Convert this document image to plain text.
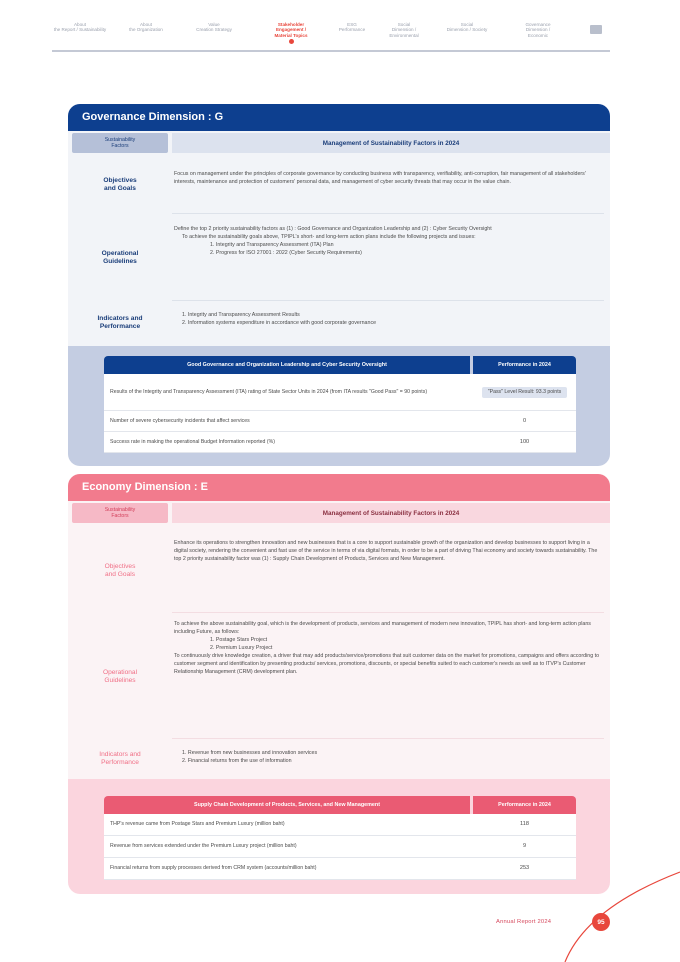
About
the Report / Sustainability
About
the Organization
Value
Creation Strategy
Stakeholder
Engagement /
Material Topics
ESG
Performance
Social
Dimension /
Environmental
Social
Dimension / Society
Governance
Dimension /
Economic
Governance Dimension : G
Sustainability
Factors	Management of Sustainability Factors in 2024
Objectives
and Goals

Focus on management under the principles of corporate governance by conducting business with transparency, verifiability, anti-corruption, fair management of all stakeholders' interests, maintenance and protection of customers' personal data, and management of cyber security threats that may occur in the value chain.

Operational
Guidelines

Define the top 2 priority sustainability factors as (1) : Good Governance and Organization Leadership and (2) : Cyber Security Oversight

To achieve the sustainability goals above, TPIPL's short- and long-term action plans include the following projects and issues:

1. Integrity and Transparency Assessment (ITA) Plan

2. Progress for ISO 27001 : 2022 (Cyber Security Requirements)

Indicators and
Performance

1. Integrity and Transparency Assessment Results

2. Information systems expenditure in accordance with good corporate governance

Good Governance and Organization Leadership and Cyber Security Oversight	Performance in 2024
Results of the Integrity and Transparency Assessment (ITA) rating of State Sector Units in 2024 (from ITA results "Good Pass" = 90 points)	"Pass" Level Result: 93.3 points
Number of severe cybersecurity incidents that affect services	0
Success rate in making the operational Budget Information reported (%)	100
Economy Dimension : E
Sustainability
Factors	Management of Sustainability Factors in 2024
Objectives
and Goals

Enhance its operations to strengthen innovation and new businesses that is a core to support sustainable growth of the organization and develop businesses to support living in a digital society, rendering the convenient and fast use of the service in terms of via digital formats, in order to be a part of driving Thai economy and society towards sustainability. The top 2 priority sustainability factor was (1) : Supply Chain Development of Products, Services and New Management.

Operational
Guidelines

To achieve the above sustainability goal, which is the development of products, services and management of modern new innovation, TPIPL has short- and long-term action plans including Future, as follows:

1. Postage Stars Project

2. Premium Luxury Project

To continuously drive knowledge creation, a driver that may add products/service/promotions that suit customer data on the market for promotions, campaigns and offers according to customer segment and identification by presenting products/ services, promotions, discounts, or special benefits suited to each customer's needs as well as to ITVP's Customer Relationship Management (CRM) development plan.

Indicators and
Performance

1. Revenue from new businesses and innovation services

2. Financial returns from the use of information

Supply Chain Development of Products, Services, and New Management	Performance in 2024
THP's revenue came from Postage Stars and Premium Luxury (million baht)	118
Revenue from services extended under the Premium Luxury project (million baht)	9
Financial returns from supply processes derived from CRM system (accounts/million baht)	253
Annual Report 2024	95
